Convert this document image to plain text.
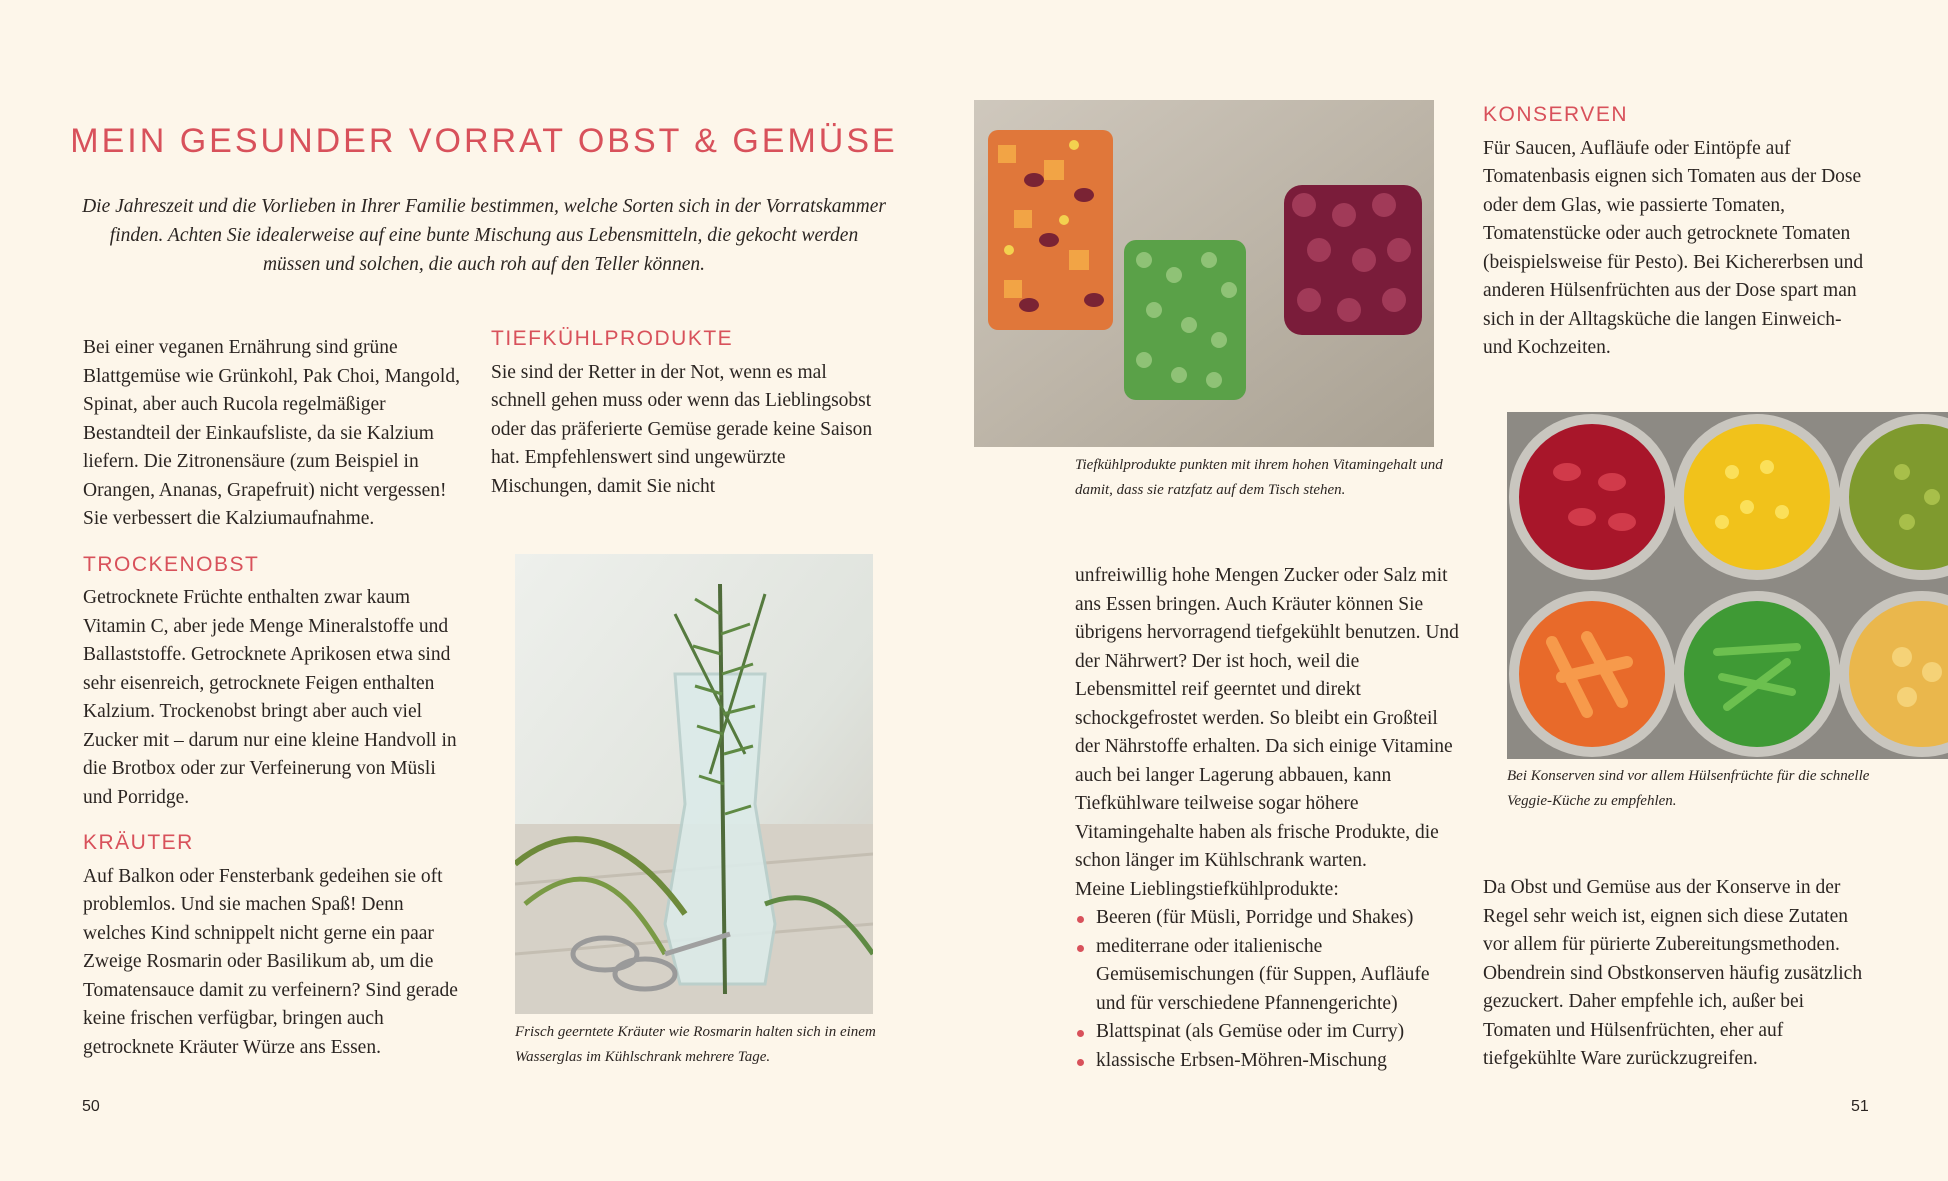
MEIN GESUNDER VORRAT OBST & GEMÜSE

Die Jahreszeit und die Vorlieben in Ihrer Familie bestimmen, welche Sorten sich in der Vorratskammer finden. Achten Sie idealerweise auf eine bunte Mischung aus Lebensmitteln, die gekocht werden müssen und solchen, die auch roh auf den Teller können.

Bei einer veganen Ernährung sind grüne Blattgemüse wie Grünkohl, Pak Choi, Mangold, Spinat, aber auch Rucola regelmäßiger Bestandteil der Einkaufsliste, da sie Kalzium liefern. Die Zitronensäure (zum Beispiel in Orangen, Ananas, Grapefruit) nicht vergessen! Sie verbessert die Kalziumaufnahme.

TROCKENOBST

Getrocknete Früchte enthalten zwar kaum Vitamin C, aber jede Menge Mineralstoffe und Ballaststoffe. Getrocknete Aprikosen etwa sind sehr eisenreich, getrocknete Feigen enthalten Kalzium. Trockenobst bringt aber auch viel Zucker mit – darum nur eine kleine Handvoll in die Brotbox oder zur Verfeinerung von Müsli und Porridge.

KRÄUTER

Auf Balkon oder Fensterbank gedeihen sie oft problemlos. Und sie machen Spaß! Denn welches Kind schnippelt nicht gerne ein paar Zweige Rosmarin oder Basilikum ab, um die Tomatensauce damit zu verfeinern? Sind gerade keine frischen verfügbar, bringen auch getrocknete Kräuter Würze ans Essen.

TIEFKÜHLPRODUKTE

Sie sind der Retter in der Not, wenn es mal schnell gehen muss oder wenn das Lieblingsobst oder das präferierte Gemüse gerade keine Saison hat. Empfehlenswert sind ungewürzte Mischungen, damit Sie nicht

Frisch geerntete Kräuter wie Rosmarin halten sich in einem Wasserglas im Kühlschrank mehrere Tage.

50

Tiefkühlprodukte punkten mit ihrem hohen Vitamingehalt und damit, dass sie ratzfatz auf dem Tisch stehen.

unfreiwillig hohe Mengen Zucker oder Salz mit ans Essen bringen. Auch Kräuter können Sie übrigens hervorragend tiefgekühlt benutzen. Und der Nährwert? Der ist hoch, weil die Lebensmittel reif geerntet und direkt schockgefrostet werden. So bleibt ein Großteil der Nährstoffe erhalten. Da sich einige Vitamine auch bei langer Lagerung abbauen, kann Tiefkühlware teilweise sogar höhere Vitamingehalte haben als frische Produkte, die schon länger im Kühlschrank warten.

Meine Lieblingstiefkühlprodukte:

Beeren (für Müsli, Porridge und Shakes)
mediterrane oder italienische Gemüsemischungen (für Suppen, Aufläufe und für verschiedene Pfannengerichte)
Blattspinat (als Gemüse oder im Curry)
klassische Erbsen-Möhren-Mischung
KONSERVEN

Für Saucen, Aufläufe oder Eintöpfe auf Tomatenbasis eignen sich Tomaten aus der Dose oder dem Glas, wie passierte Tomaten, Tomatenstücke oder auch getrocknete Tomaten (beispielsweise für Pesto). Bei Kichererbsen und anderen Hülsenfrüchten aus der Dose spart man sich in der Alltagsküche die langen Einweich- und Kochzeiten.

Bei Konserven sind vor allem Hülsenfrüchte für die schnelle Veggie-Küche zu empfehlen.

Da Obst und Gemüse aus der Konserve in der Regel sehr weich ist, eignen sich diese Zutaten vor allem für pürierte Zubereitungsmethoden. Obendrein sind Obstkonserven häufig zusätzlich gezuckert. Daher empfehle ich, außer bei Tomaten und Hülsenfrüchten, eher auf tiefgekühlte Ware zurückzugreifen.

51
